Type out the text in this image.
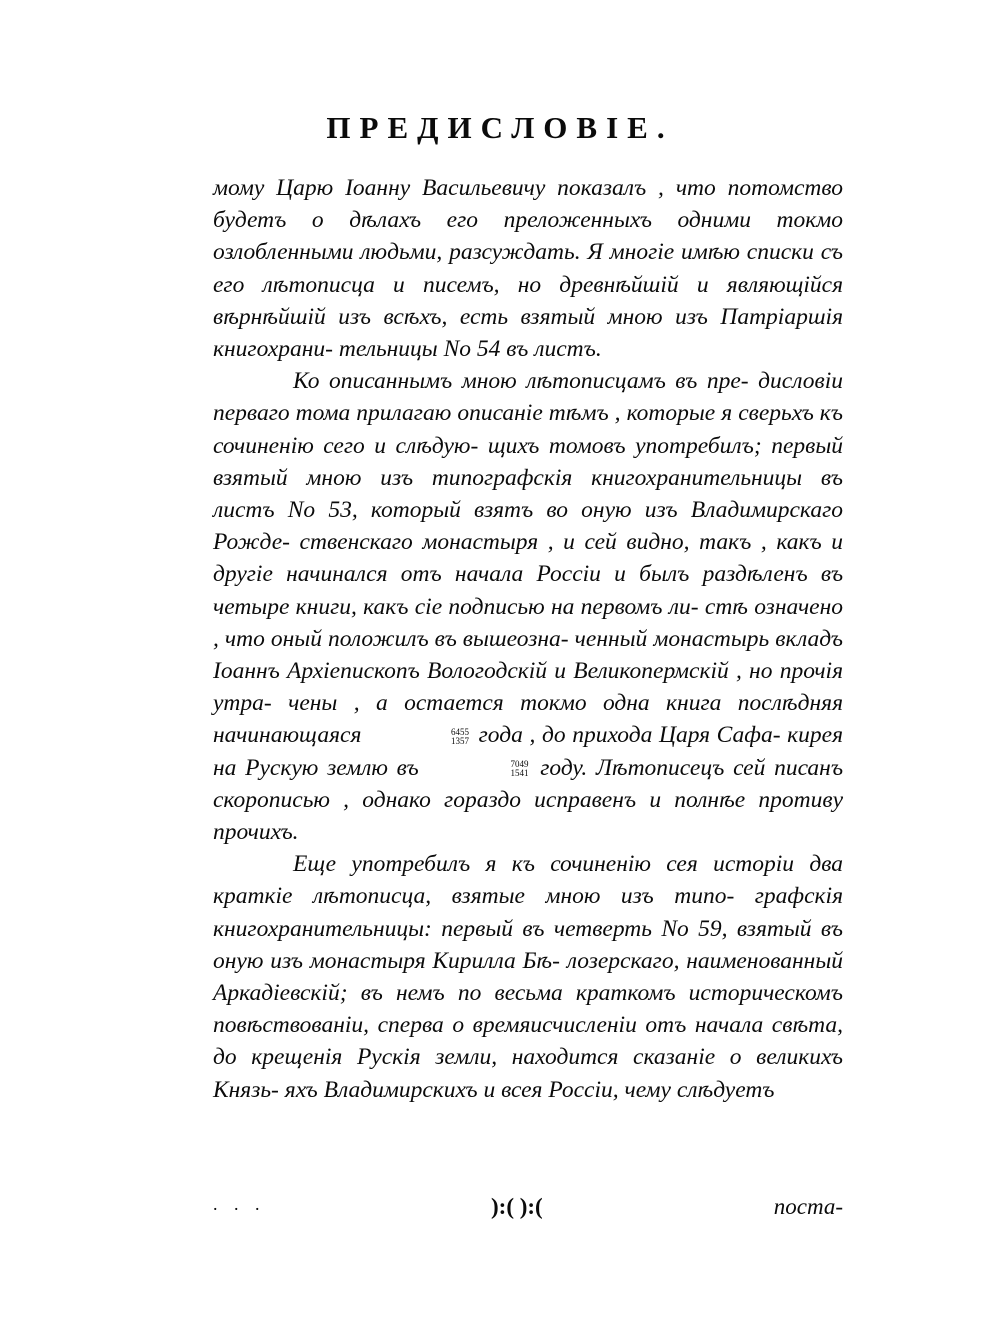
ПРЕДИСЛОВIЕ.

мому Царю Iоанну Васильевичу показалъ , что потомство будетъ о дѣлахъ его преложенныхъ одними токмо озлобленными людьми, разсуждать. Я многiе имѣю списки съ его лѣтописца и писемъ, но древнѣйшiй и являющiйся вѣрнѣйшiй изъ всѣхъ, есть взятый мною изъ Патрiаршiя книгохрани- тельницы No 54 въ листъ.

Ко описаннымъ мною лѣтописцамъ въ пре- дисловiи перваго тома прилагаю описанiе тѣмъ , которые я сверьхъ къ сочиненiю сего и слѣдую- щихъ томовъ употребилъ; первый взятый мною изъ типографскiя книгохранительницы въ листъ No 53, который взятъ во оную изъ Владимирскаго Рожде- ственскаго монастыря , и сей видно, такъ , какъ и другiе начинался отъ начала Россiи и былъ раздѣленъ въ четыре книги, какъ сiе подписью на первомъ ли- стѣ означено , что оный положилъ въ вышеозна- ченный монастырь вкладъ Iоаннъ Архiепископъ Вологодскiй и Великопермскiй , но прочiя утра- чены , а остается токмо одна книга послѣдняя начинающаяся	6455
1357 года , до прихода Царя Сафа- кирея на Рускую землю въ	7049
1541 году. Лѣтописецъ сей писанъ скорописью , однако гораздо исправенъ и полнѣе противу прочихъ.

Еще употребилъ я къ сочиненiю сея исторiи два краткiе лѣтописца, взятые мною изъ типо- графскiя книгохранительницы: первый въ четверть No 59, взятый въ оную изъ монастыря Кирилла Бѣ- лозерскаго, наименованный Аркадiевскiй; въ немъ по весьма краткомъ историческомъ повѣствованiи, сперва о времяисчисленiи отъ начала свѣта, до крещенiя Рускiя земли, находится сказанiе о великихъ Князь- яхъ Владимирскихъ и всея Россiи, чему слѣдуетъ

. . .	):( ):(	поста-
